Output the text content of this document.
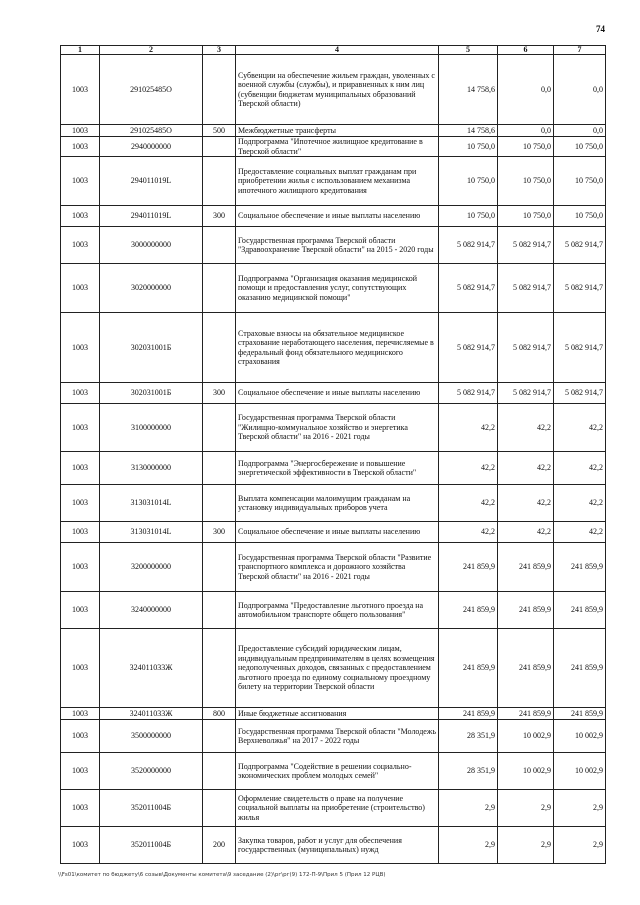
74
1	2	3	4	5	6	7
1003	291025485О		Субвенции на обеспечение жильем граждан, уволенных с военной службы (службы), и приравненных к ним лиц (субвенции бюджетам муниципальных образований Тверской области)	14 758,6	0,0	0,0
1003	291025485О	500	Межбюджетные трансферты	14 758,6	0,0	0,0
1003	2940000000		Подпрограмма "Ипотечное жилищное кредитование в Тверской области"	10 750,0	10 750,0	10 750,0
1003	294011019L		Предоставление социальных выплат гражданам при приобретении жилья с использованием механизма ипотечного жилищного кредитования	10 750,0	10 750,0	10 750,0
1003	294011019L	300	Социальное обеспечение и иные выплаты населению	10 750,0	10 750,0	10 750,0
1003	3000000000		Государственная программа Тверской области "Здравоохранение Тверской области" на 2015 - 2020 годы	5 082 914,7	5 082 914,7	5 082 914,7
1003	3020000000		Подпрограмма "Организация оказания медицинской помощи и предоставления услуг, сопутствующих оказанию медицинской помощи"	5 082 914,7	5 082 914,7	5 082 914,7
1003	302031001Б		Страховые взносы на обязательное медицинское страхование неработающего населения, перечисляемые в федеральный фонд обязательного медицинского страхования	5 082 914,7	5 082 914,7	5 082 914,7
1003	302031001Б	300	Социальное обеспечение и иные выплаты населению	5 082 914,7	5 082 914,7	5 082 914,7
1003	3100000000		Государственная программа Тверской области "Жилищно-коммунальное хозяйство и энергетика Тверской области" на 2016 - 2021 годы	42,2	42,2	42,2
1003	3130000000		Подпрограмма "Энергосбережение и повышение энергетической эффективности в Тверской области"	42,2	42,2	42,2
1003	313031014L		Выплата компенсации малоимущим гражданам на установку индивидуальных приборов учета	42,2	42,2	42,2
1003	313031014L	300	Социальное обеспечение и иные выплаты населению	42,2	42,2	42,2
1003	3200000000		Государственная программа Тверской области "Развитие транспортного комплекса и дорожного хозяйства Тверской области" на 2016 - 2021 годы	241 859,9	241 859,9	241 859,9
1003	3240000000		Подпрограмма "Предоставление льготного проезда на автомобильном транспорте общего пользования"	241 859,9	241 859,9	241 859,9
1003	324011033Ж		Предоставление субсидий юридическим лицам, индивидуальным предпринимателям в целях возмещения недополученных доходов, связанных с предоставлением льготного проезда по единому социальному проездному билету на территории Тверской области	241 859,9	241 859,9	241 859,9
1003	324011033Ж	800	Иные бюджетные ассигнования	241 859,9	241 859,9	241 859,9
1003	3500000000		Государственная программа Тверской области "Молодежь Верхневолжья" на 2017 - 2022 годы	28 351,9	10 002,9	10 002,9
1003	3520000000		Подпрограмма "Содействие в решении социально-экономических проблем молодых семей"	28 351,9	10 002,9	10 002,9
1003	352011004Б		Оформление свидетельств о праве на получение социальной выплаты на приобретение (строительство) жилья	2,9	2,9	2,9
1003	352011004Б	200	Закупка товаров, работ и услуг для обеспечения государственных (муниципальных) нужд	2,9	2,9	2,9
\\Fs01\комитет по бюджету\6 созыв\Документы комитета\9 заседание (2)\рг\рг(9) 172-П-9\Прил 5 (Прил 12 РЦВ)
